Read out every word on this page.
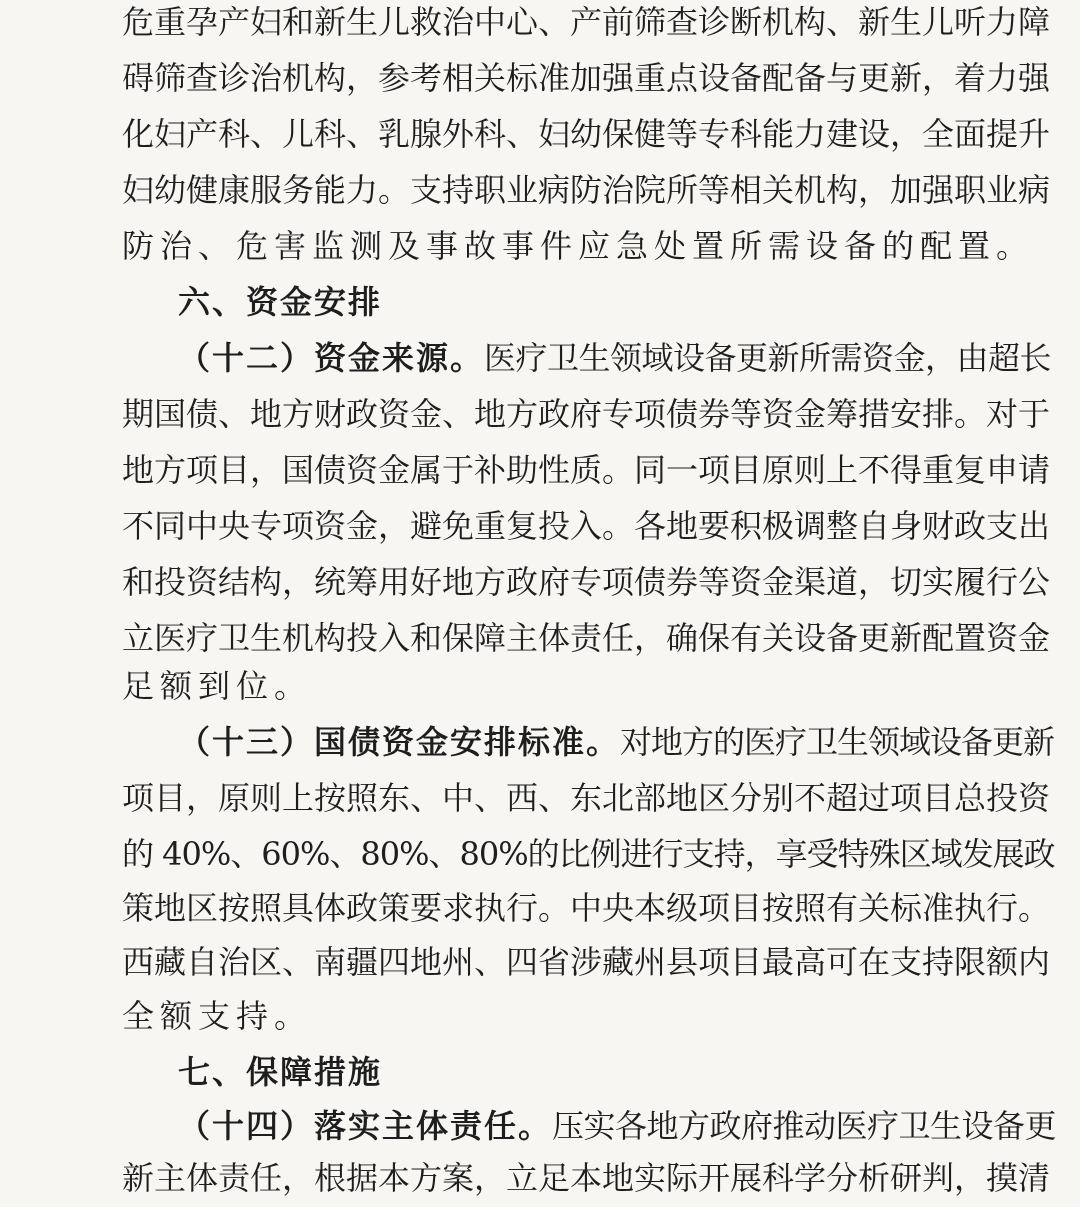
危重孕产妇和新生儿救治中心、产前筛查诊断机构、新生儿听力障
碍筛查诊治机构，参考相关标准加强重点设备配备与更新，着力强
化妇产科、儿科、乳腺外科、妇幼保健等专科能力建设，全面提升
妇幼健康服务能力。支持职业病防治院所等相关机构，加强职业病
防治、危害监测及事故事件应急处置所需设备的配置。
六、资金安排
（十二）资金来源。医疗卫生领域设备更新所需资金，由超长
期国债、地方财政资金、地方政府专项债券等资金筹措安排。对于
地方项目，国债资金属于补助性质。同一项目原则上不得重复申请
不同中央专项资金，避免重复投入。各地要积极调整自身财政支出
和投资结构，统筹用好地方政府专项债券等资金渠道，切实履行公
立医疗卫生机构投入和保障主体责任，确保有关设备更新配置资金
足额到位。
（十三）国债资金安排标准。对地方的医疗卫生领域设备更新
项目，原则上按照东、中、西、东北部地区分别不超过项目总投资
的 40%、60%、80%、80%的比例进行支持，享受特殊区域发展政
策地区按照具体政策要求执行。中央本级项目按照有关标准执行。
西藏自治区、南疆四地州、四省涉藏州县项目最高可在支持限额内
全额支持。
七、保障措施
（十四）落实主体责任。压实各地方政府推动医疗卫生设备更
新主体责任，根据本方案，立足本地实际开展科学分析研判，摸清
